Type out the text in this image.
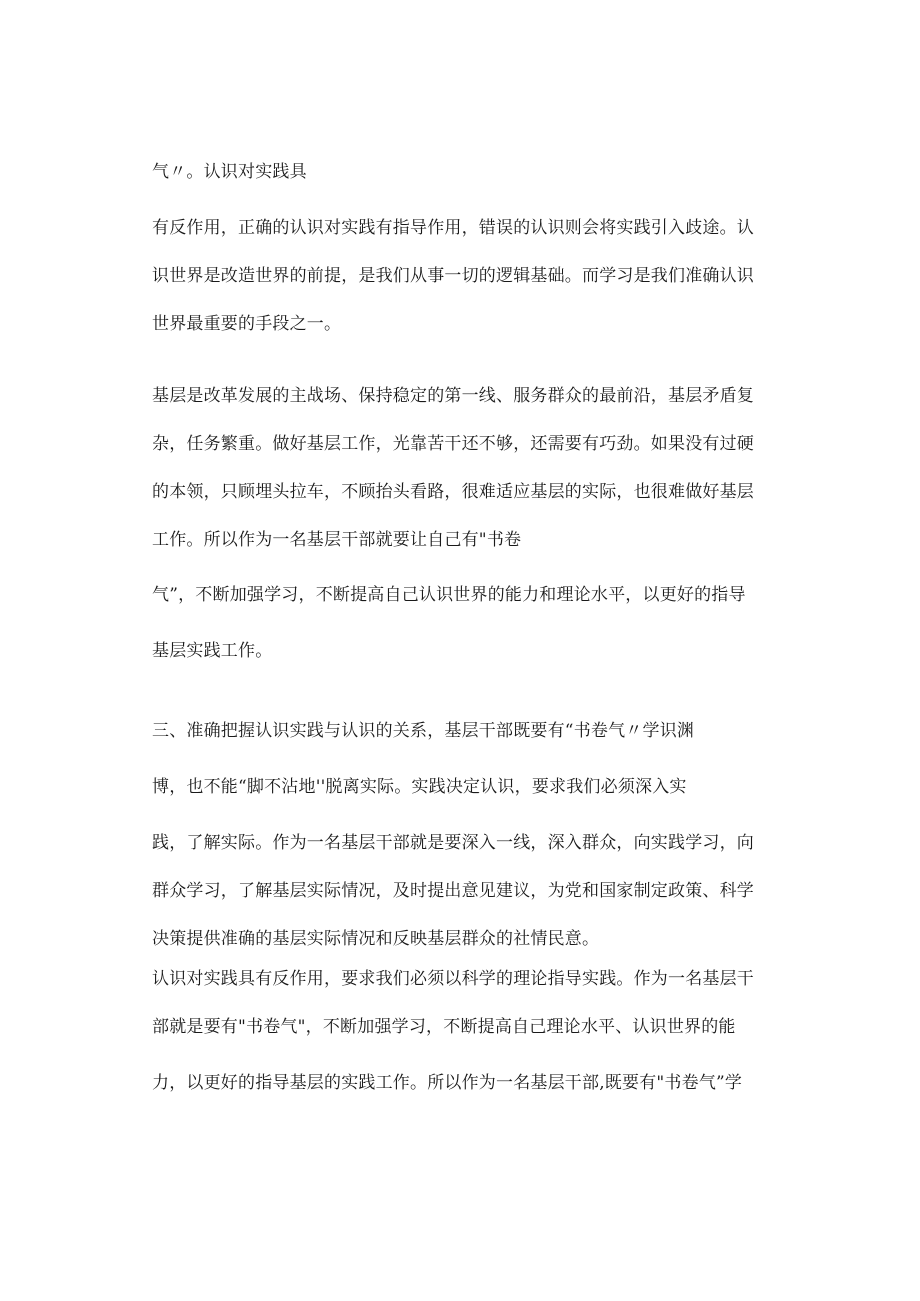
气〃。认识对实践具
有反作用，正确的认识对实践有指导作用，错误的认识则会将实践引入歧途。认
识世界是改造世界的前提，是我们从事一切的逻辑基础。而学习是我们准确认识
世界最重要的手段之一。
基层是改革发展的主战场、保持稳定的第一线、服务群众的最前沿，基层矛盾复
杂，任务繁重。做好基层工作，光靠苦干还不够，还需要有巧劲。如果没有过硬
的本领，只顾埋头拉车，不顾抬头看路，很难适应基层的实际，也很难做好基层
工作。所以作为一名基层干部就要让自己有"书卷
气”，不断加强学习，不断提高自己认识世界的能力和理论水平，以更好的指导
基层实践工作。
三、准确把握认识实践与认识的关系，基层干部既要有“书卷气〃学识渊
博，也不能“脚不沾地''脱离实际。实践决定认识，要求我们必须深入实
践，了解实际。作为一名基层干部就是要深入一线，深入群众，向实践学习，向
群众学习，了解基层实际情况，及时提出意见建议，为党和国家制定政策、科学
决策提供准确的基层实际情况和反映基层群众的社情民意。
认识对实践具有反作用，要求我们必须以科学的理论指导实践。作为一名基层干
部就是要有"书卷气"，不断加强学习，不断提高自己理论水平、认识世界的能
力，以更好的指导基层的实践工作。所以作为一名基层干部,既要有"书卷气”学
